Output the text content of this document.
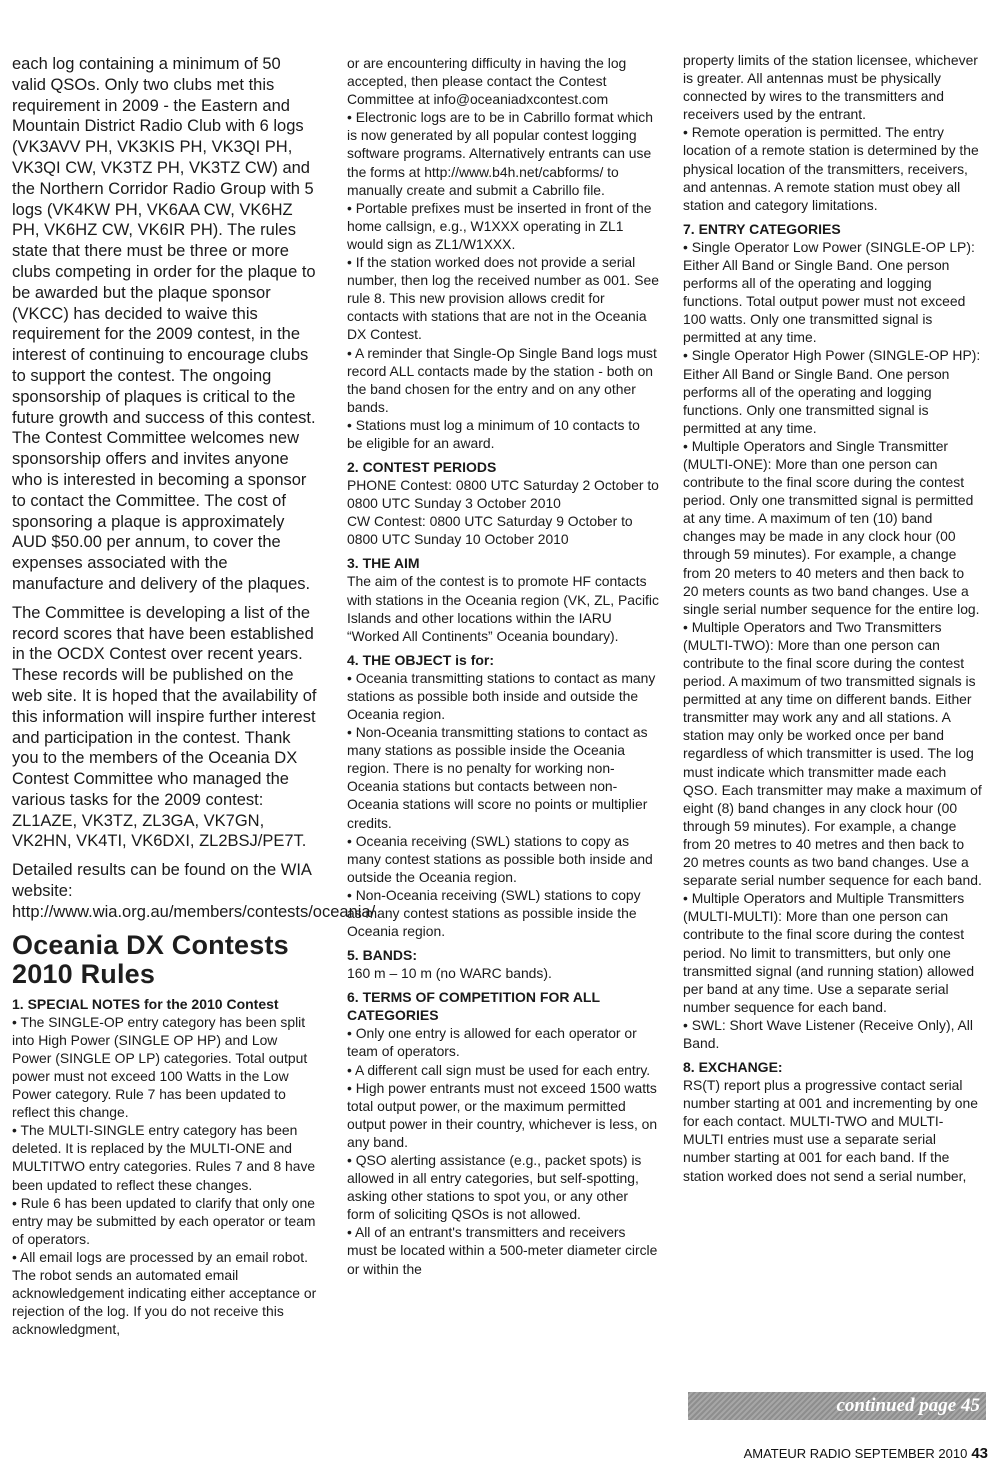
each log containing a minimum of 50 valid QSOs. Only two clubs met this requirement in 2009 - the Eastern and Mountain District Radio Club with 6 logs (VK3AVV PH, VK3KIS PH, VK3QI PH, VK3QI CW, VK3TZ PH, VK3TZ CW) and the Northern Corridor Radio Group with 5 logs (VK4KW PH, VK6AA CW, VK6HZ PH, VK6HZ CW, VK6IR PH). The rules state that there must be three or more clubs competing in order for the plaque to be awarded but the plaque sponsor (VKCC) has decided to waive this requirement for the 2009 contest, in the interest of continuing to encourage clubs to support the contest. The ongoing sponsorship of plaques is critical to the future growth and success of this contest. The Contest Committee welcomes new sponsorship offers and invites anyone who is interested in becoming a sponsor to contact the Committee. The cost of sponsoring a plaque is approximately AUD $50.00 per annum, to cover the expenses associated with the manufacture and delivery of the plaques.

The Committee is developing a list of the record scores that have been established in the OCDX Contest over recent years. These records will be published on the web site. It is hoped that the availability of this information will inspire further interest and participation in the contest. Thank you to the members of the Oceania DX Contest Committee who managed the various tasks for the 2009 contest: ZL1AZE, VK3TZ, ZL3GA, VK7GN, VK2HN, VK4TI, VK6DXI, ZL2BSJ/PE7T.

Detailed results can be found on the WIA website: http://www.wia.org.au/members/contests/oceania/

Oceania DX Contests 2010 Rules
1. SPECIAL NOTES for the 2010 Contest

• The SINGLE-OP entry category has been split into High Power (SINGLE OP HP) and Low Power (SINGLE OP LP) categories. Total output power must not exceed 100 Watts in the Low Power category. Rule 7 has been updated to reflect this change.

• The MULTI-SINGLE entry category has been deleted. It is replaced by the MULTI-ONE and MULTITWO entry categories. Rules 7 and 8 have been updated to reflect these changes.

• Rule 6 has been updated to clarify that only one entry may be submitted by each operator or team of operators.

• All email logs are processed by an email robot. The robot sends an automated email acknowledgement indicating either acceptance or rejection of the log. If you do not receive this acknowledgment,

or are encountering difficulty in having the log accepted, then please contact the Contest Committee at info@oceaniadxcontest.com

• Electronic logs are to be in Cabrillo format which is now generated by all popular contest logging software programs. Alternatively entrants can use the forms at http://www.b4h.net/cabforms/ to manually create and submit a Cabrillo file.

• Portable prefixes must be inserted in front of the home callsign, e.g., W1XXX operating in ZL1 would sign as ZL1/W1XXX.

• If the station worked does not provide a serial number, then log the received number as 001. See rule 8. This new provision allows credit for contacts with stations that are not in the Oceania DX Contest.

• A reminder that Single-Op Single Band logs must record ALL contacts made by the station - both on the band chosen for the entry and on any other bands.

• Stations must log a minimum of 10 contacts to be eligible for an award.

2. CONTEST PERIODS

PHONE Contest: 0800 UTC Saturday 2 October to 0800 UTC Sunday 3 October 2010

CW Contest: 0800 UTC Saturday 9 October to 0800 UTC Sunday 10 October 2010

3. THE AIM

The aim of the contest is to promote HF contacts with stations in the Oceania region (VK, ZL, Pacific Islands and other locations within the IARU “Worked All Continents” Oceania boundary).

4. THE OBJECT is for:

• Oceania transmitting stations to contact as many stations as possible both inside and outside the Oceania region.

• Non-Oceania transmitting stations to contact as many stations as possible inside the Oceania region. There is no penalty for working non-Oceania stations but contacts between non-Oceania stations will score no points or multiplier credits.

• Oceania receiving (SWL) stations to copy as many contest stations as possible both inside and outside the Oceania region.

• Non-Oceania receiving (SWL) stations to copy as many contest stations as possible inside the Oceania region.

5. BANDS:

160 m – 10 m (no WARC bands).

6. TERMS OF COMPETITION FOR ALL CATEGORIES

• Only one entry is allowed for each operator or team of operators.

• A different call sign must be used for each entry.

• High power entrants must not exceed 1500 watts total output power, or the maximum permitted output power in their country, whichever is less, on any band.

• QSO alerting assistance (e.g., packet spots) is allowed in all entry categories, but self-spotting, asking other stations to spot you, or any other form of soliciting QSOs is not allowed.

• All of an entrant's transmitters and receivers must be located within a 500-meter diameter circle or within the

property limits of the station licensee, whichever is greater. All antennas must be physically connected by wires to the transmitters and receivers used by the entrant.

• Remote operation is permitted. The entry location of a remote station is determined by the physical location of the transmitters, receivers, and antennas. A remote station must obey all station and category limitations.

7. ENTRY CATEGORIES

• Single Operator Low Power (SINGLE-OP LP): Either All Band or Single Band. One person performs all of the operating and logging functions. Total output power must not exceed 100 watts. Only one transmitted signal is permitted at any time.

• Single Operator High Power (SINGLE-OP HP): Either All Band or Single Band. One person performs all of the operating and logging functions. Only one transmitted signal is permitted at any time.

• Multiple Operators and Single Transmitter (MULTI-ONE): More than one person can contribute to the final score during the contest period. Only one transmitted signal is permitted at any time. A maximum of ten (10) band changes may be made in any clock hour (00 through 59 minutes). For example, a change from 20 meters to 40 meters and then back to 20 meters counts as two band changes. Use a single serial number sequence for the entire log.

• Multiple Operators and Two Transmitters (MULTI-TWO): More than one person can contribute to the final score during the contest period. A maximum of two transmitted signals is permitted at any time on different bands. Either transmitter may work any and all stations. A station may only be worked once per band regardless of which transmitter is used. The log must indicate which transmitter made each QSO. Each transmitter may make a maximum of eight (8) band changes in any clock hour (00 through 59 minutes). For example, a change from 20 metres to 40 metres and then back to 20 metres counts as two band changes. Use a separate serial number sequence for each band.

• Multiple Operators and Multiple Transmitters (MULTI-MULTI): More than one person can contribute to the final score during the contest period. No limit to transmitters, but only one transmitted signal (and running station) allowed per band at any time. Use a separate serial number sequence for each band.

• SWL: Short Wave Listener (Receive Only), All Band.

8. EXCHANGE:

RS(T) report plus a progressive contact serial number starting at 001 and incrementing by one for each contact. MULTI-TWO and MULTI-MULTI entries must use a separate serial number starting at 001 for each band. If the station worked does not send a serial number,

continued page 45
AMATEUR RADIO SEPTEMBER 2010 43
